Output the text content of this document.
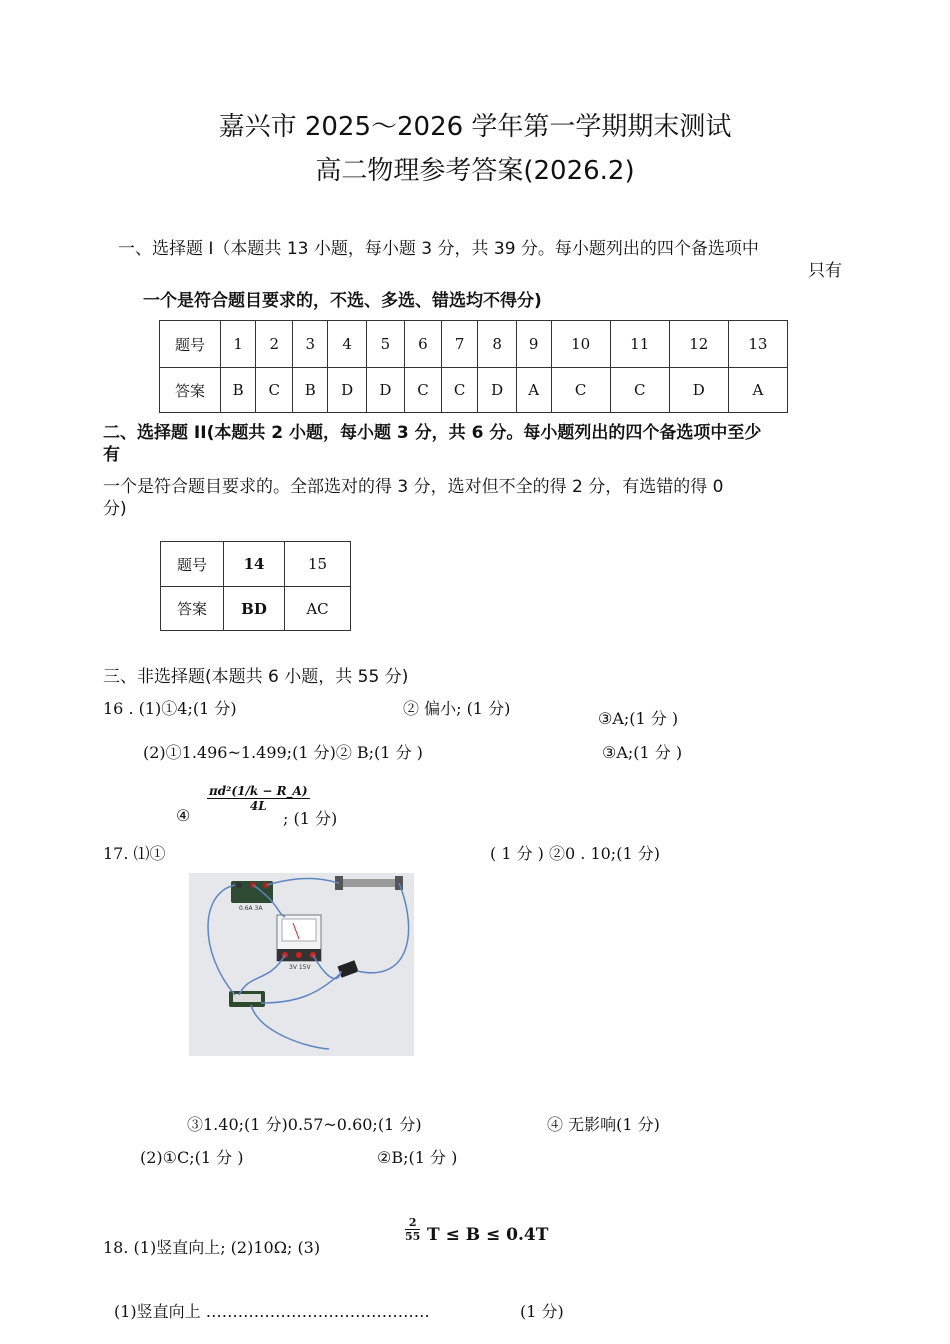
嘉兴市 2025～2026 学年第一学期期末测试
高二物理参考答案(2026.2)
一、选择题 I（本题共 13 小题，每小题 3 分，共 39 分。每小题列出的四个备选项中
只有
一个是符合题目要求的，不选、多选、错选均不得分)
题号	1	2	3	4	5	6	7	8	9	10	11	12	13
答案	B	C	B	D	D	C	C	D	A	C	C	D	A
二、选择题 II(本题共 2 小题，每小题 3 分，共 6 分。每小题列出的四个备选项中至少
有
一个是符合题目要求的。全部选对的得 3 分，选对但不全的得 2 分，有选错的得 0
分)
题号	14	15
答案	BD	AC
三、非选择题(本题共 6 小题，共 55 分)
16 . (1)①4;(1 分)	② 偏小; (1 分)
③A;(1 分 )
(2)①1.496~1.499;(1 分)② B;(1 分 )	③A;(1 分 )
④
$\frac{\text{πd²(1/k − R\_A)}}{4L}$
; (1 分)
17. ⑴①	( 1 分 ) ②0 . 10;(1 分)
0.6A 3A
3V 15V
③1.40;(1 分)0.57~0.60;(1 分)	④ 无影响(1 分)
(2)①C;(1 分 )	②B;(1 分 )
18. (1)竖直向上; (2)10Ω; (3)
$\frac{2}{55}$ T ≤ B ≤ 0.4T
(1)竖直向上 ……………………………………	(1 分)
